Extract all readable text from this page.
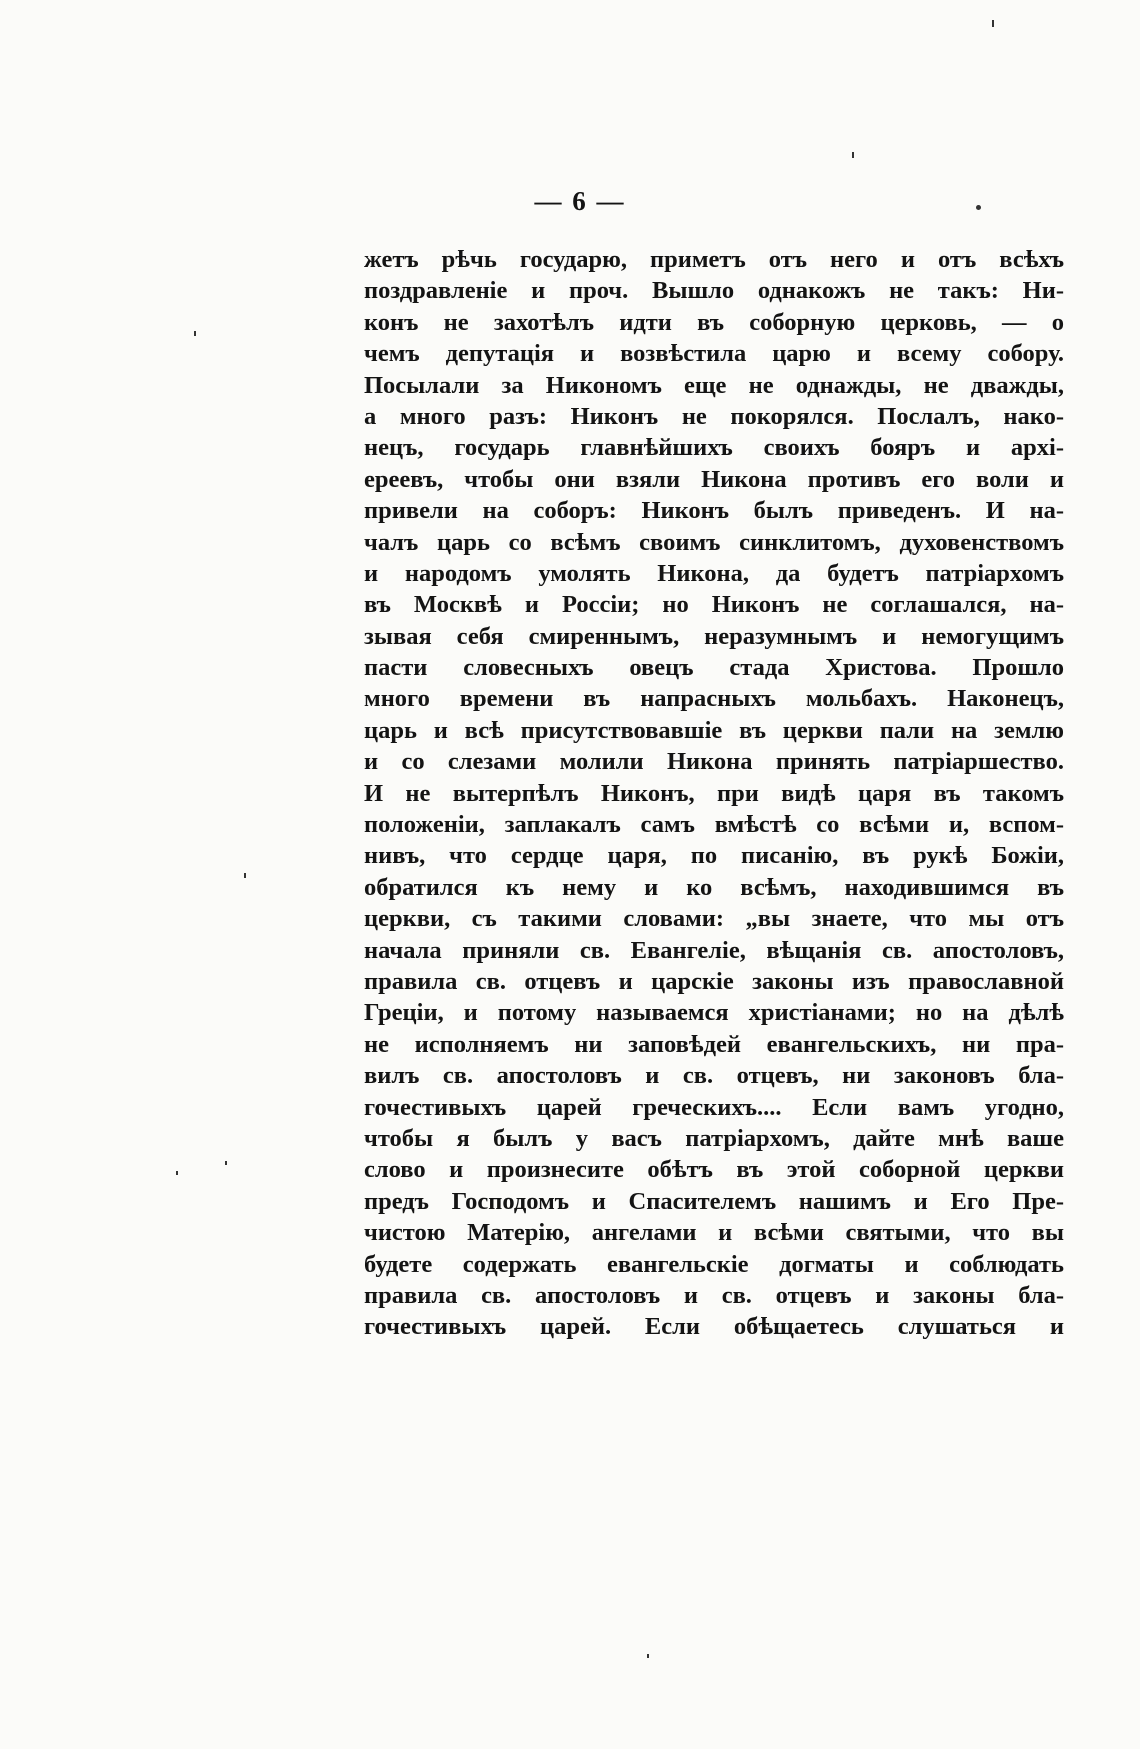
— 6 —
жетъ рѣчь государю, приметъ отъ него и отъ всѣхъ
поздравленіе и проч. Вышло однакожъ не такъ: Ни-
конъ не захотѣлъ идти въ соборную церковь, — о
чемъ депутація и возвѣстила царю и всему собору.
Посылали за Никономъ еще не однажды, не дважды,
а много разъ: Никонъ не покорялся. Послалъ, нако-
нецъ, государь главнѣйшихъ своихъ бояръ и архі-
ереевъ, чтобы они взяли Никона противъ его воли и
привели на соборъ: Никонъ былъ приведенъ. И на-
чалъ царь со всѣмъ своимъ синклитомъ, духовенствомъ
и народомъ умолять Никона, да будетъ патріархомъ
въ Москвѣ и Россіи; но Никонъ не соглашался, на-
зывая себя смиреннымъ, неразумнымъ и немогущимъ
пасти словесныхъ овецъ стада Христова. Прошло
много времени въ напрасныхъ мольбахъ. Наконецъ,
царь и всѣ присутствовавшіе въ церкви пали на землю
и со слезами молили Никона принять патріаршество.
И не вытерпѣлъ Никонъ, при видѣ царя въ такомъ
положеніи, заплакалъ самъ вмѣстѣ со всѣми и, вспом-
нивъ, что сердце царя, по писанію, въ рукѣ Божіи,
обратился къ нему и ко всѣмъ, находившимся въ
церкви, съ такими словами: „вы знаете, что мы отъ
начала приняли св. Евангеліе, вѣщанія св. апостоловъ,
правила св. отцевъ и царскіе законы изъ православной
Греціи, и потому называемся христіанами; но на дѣлѣ
не исполняемъ ни заповѣдей евангельскихъ, ни пра-
вилъ св. апостоловъ и св. отцевъ, ни законовъ бла-
гочестивыхъ царей греческихъ.... Если вамъ угодно,
чтобы я былъ у васъ патріархомъ, дайте мнѣ ваше
слово и произнесите обѣтъ въ этой соборной церкви
предъ Господомъ и Спасителемъ нашимъ и Его Пре-
чистою Матерію, ангелами и всѣми святыми, что вы
будете содержать евангельскіе догматы и соблюдать
правила св. апостоловъ и св. отцевъ и законы бла-
гочестивыхъ царей. Если обѣщаетесь слушаться и
